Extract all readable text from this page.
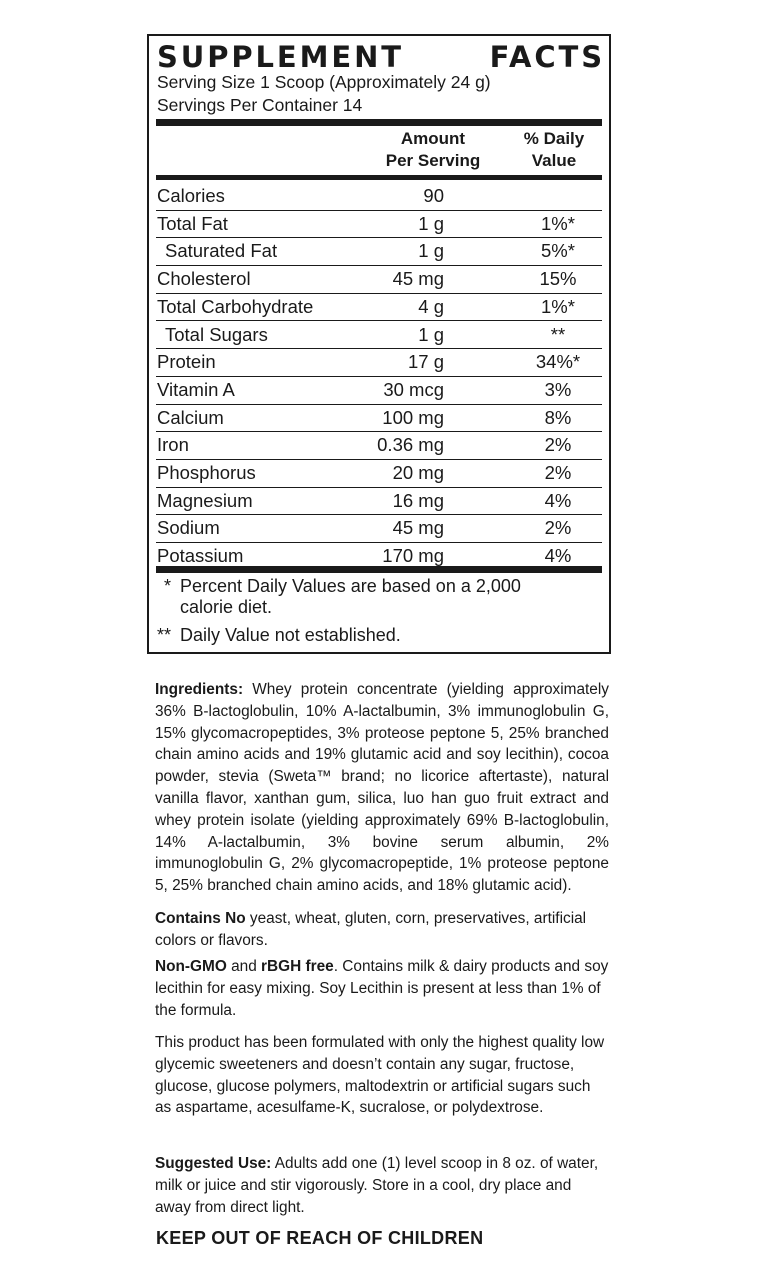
SUPPLEMENT	FACTS
Serving Size 1 Scoop (Approximately 24 g)
Servings Per Container 14
Amount
Per Serving
% Daily
Value
Calories	90
Total Fat	1 g	1%*
Saturated Fat	1 g	5%*
Cholesterol	45 mg	15%
Total Carbohydrate	4 g	1%*
Total Sugars	1 g	**
Protein	17 g	34%*
Vitamin A	30 mcg	3%
Calcium	100 mg	8%
Iron	0.36 mg	2%
Phosphorus	20 mg	2%
Magnesium	16 mg	4%
Sodium	45 mg	2%
Potassium	170 mg	4%
* Percent Daily Values are based on a 2,000
calorie diet.
** Daily Value not established.
Ingredients: Whey protein concentrate (yielding approximately 36% B-lactoglobulin, 10% A-lactalbumin, 3% immunoglobulin G, 15% glycomacropeptides, 3% proteose peptone 5, 25% branched chain amino acids and 19% glutamic acid and soy lecithin), cocoa powder, stevia (Sweta™ brand; no licorice aftertaste), natural vanilla flavor, xanthan gum, silica, luo han guo fruit extract and whey protein isolate (yielding approximately 69% B-lactoglobulin, 14% A-lactalbumin, 3% bovine serum albumin, 2% immunoglobulin G, 2% glycomacropeptide, 1% proteose peptone 5, 25% branched chain amino acids, and 18% glutamic acid).
Contains No yeast, wheat, gluten, corn, preservatives, artificial colors or flavors.
Non-GMO and rBGH free. Contains milk & dairy products and soy lecithin for easy mixing. Soy Lecithin is present at less than 1% of the formula.
This product has been formulated with only the highest quality low glycemic sweeteners and doesn’t contain any sugar, fructose, glucose, glucose polymers, maltodextrin or artificial sugars such as aspartame, acesulfame-K, sucralose, or polydextrose.
Suggested Use: Adults add one (1) level scoop in 8 oz. of water, milk or juice and stir vigorously. Store in a cool, dry place and away from direct light.
KEEP OUT OF REACH OF CHILDREN
